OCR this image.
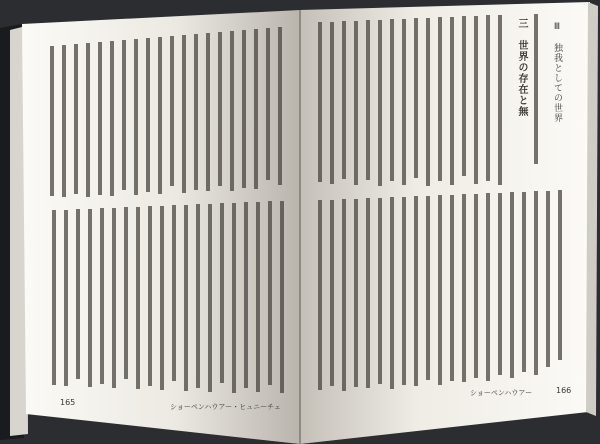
三　世界の存在と無	Ⅲ　独我としての世界
165	ショーペンハウアー・ヒュニーチェ
ショーペンハウアー	166
